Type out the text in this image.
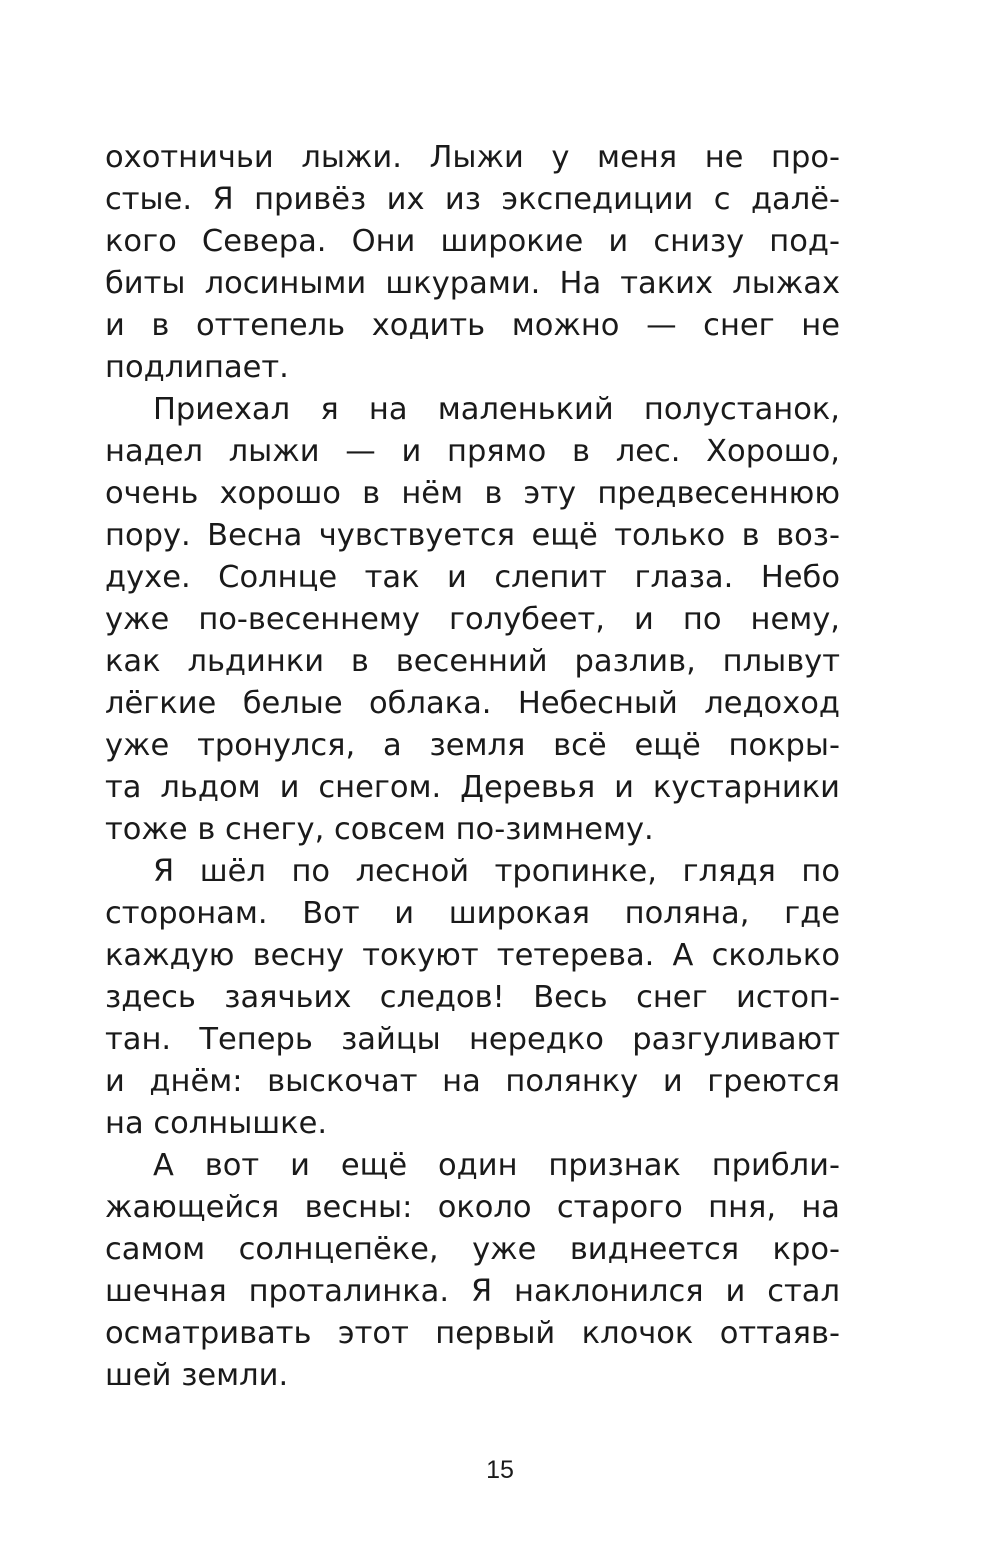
охотничьи лыжи. Лыжи у меня не про-
стые. Я привёз их из экспедиции с далё-
кого Севера. Они широкие и снизу под-
биты лосиными шкурами. На таких лыжах
и в оттепель ходить можно — снег не
подлипает.
Приехал я на маленький полустанок,
надел лыжи — и прямо в лес. Хорошо,
очень хорошо в нём в эту предвесеннюю
пору. Весна чувствуется ещё только в воз-
духе. Солнце так и слепит глаза. Небо
уже по-весеннему голубеет, и по нему,
как льдинки в весенний разлив, плывут
лёгкие белые облака. Небесный ледоход
уже тронулся, а земля всё ещё покры-
та льдом и снегом. Деревья и кустарники
тоже в снегу, совсем по-зимнему.
Я шёл по лесной тропинке, глядя по
сторонам. Вот и широкая поляна, где
каждую весну токуют тетерева. А сколько
здесь заячьих следов! Весь снег истоп-
тан. Теперь зайцы нередко разгуливают
и днём: выскочат на полянку и греются
на солнышке.
А вот и ещё один признак прибли-
жающейся весны: около старого пня, на
самом солнцепёке, уже виднеется кро-
шечная проталинка. Я наклонился и стал
осматривать этот первый клочок оттаяв-
шей земли.
15
